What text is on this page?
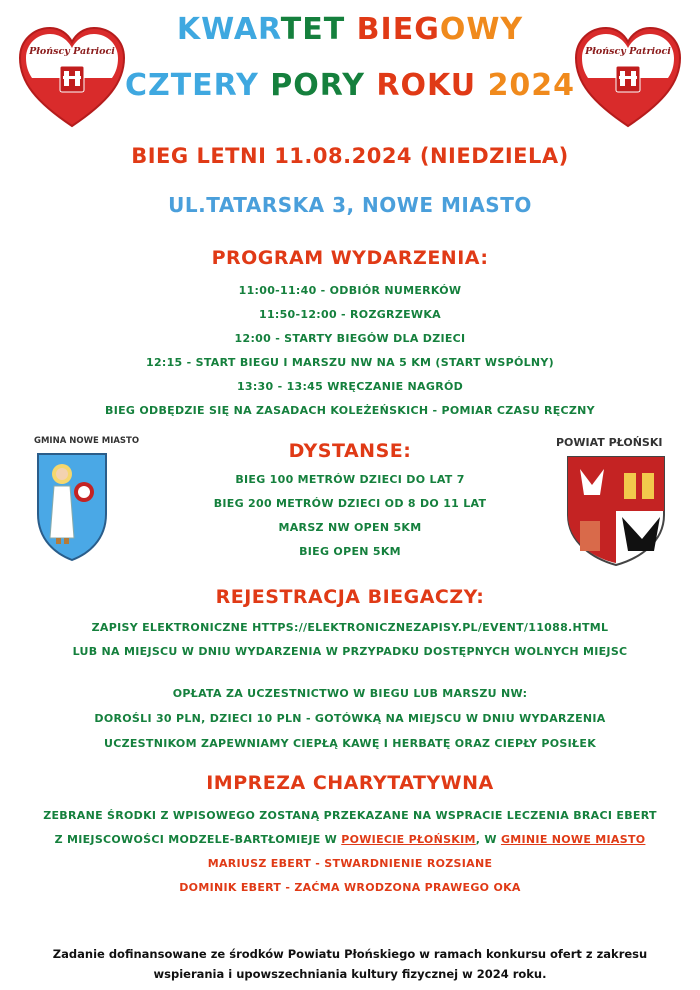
Płońscy Patrioci	Płońscy Patrioci
KWARTET BIEGOWY
CZTERY PORY ROKU 2024
BIEG LETNI 11.08.2024 (NIEDZIELA)
UL.TATARSKA 3, NOWE MIASTO
PROGRAM WYDARZENIA:
11:00-11:40 - ODBIÓR NUMERKÓW
11:50-12:00 - ROZGRZEWKA
12:00 - STARTY BIEGÓW DLA DZIECI
12:15 - START BIEGU I MARSZU NW NA 5 KM (START WSPÓLNY)
13:30 - 13:45 WRĘCZANIE NAGRÓD
BIEG ODBĘDZIE SIĘ NA ZASADACH KOLEŻEŃSKICH - POMIAR CZASU RĘCZNY
GMINA NOWE MIASTO	POWIAT PŁOŃSKI
DYSTANSE:
BIEG 100 METRÓW DZIECI DO LAT 7
BIEG 200 METRÓW DZIECI OD 8 DO 11 LAT
MARSZ NW OPEN 5KM
BIEG OPEN 5KM
REJESTRACJA BIEGACZY:
ZAPISY ELEKTRONICZNE HTTPS://ELEKTRONICZNEZAPISY.PL/EVENT/11088.HTML
LUB NA MIEJSCU W DNIU WYDARZENIA W PRZYPADKU DOSTĘPNYCH WOLNYCH MIEJSC
OPŁATA ZA UCZESTNICTWO W BIEGU LUB MARSZU NW:
DOROŚLI 30 PLN, DZIECI 10 PLN - GOTÓWKĄ NA MIEJSCU W DNIU WYDARZENIA
UCZESTNIKOM ZAPEWNIAMY CIEPŁĄ KAWĘ I HERBATĘ ORAZ CIEPŁY POSIŁEK
IMPREZA CHARYTATYWNA
ZEBRANE ŚRODKI Z WPISOWEGO ZOSTANĄ PRZEKAZANE NA WSPRACIE LECZENIA BRACI EBERT
Z MIEJSCOWOŚCI MODZELE-BARTŁOMIEJE W POWIECIE PŁOŃSKIM, W GMINIE NOWE MIASTO
MARIUSZ EBERT - STWARDNIENIE ROZSIANE
DOMINIK EBERT - ZAĆMA WRODZONA PRAWEGO OKA
Zadanie dofinansowane ze środków Powiatu Płońskiego w ramach konkursu ofert z zakresu
wspierania i upowszechniania kultury fizycznej w 2024 roku.
